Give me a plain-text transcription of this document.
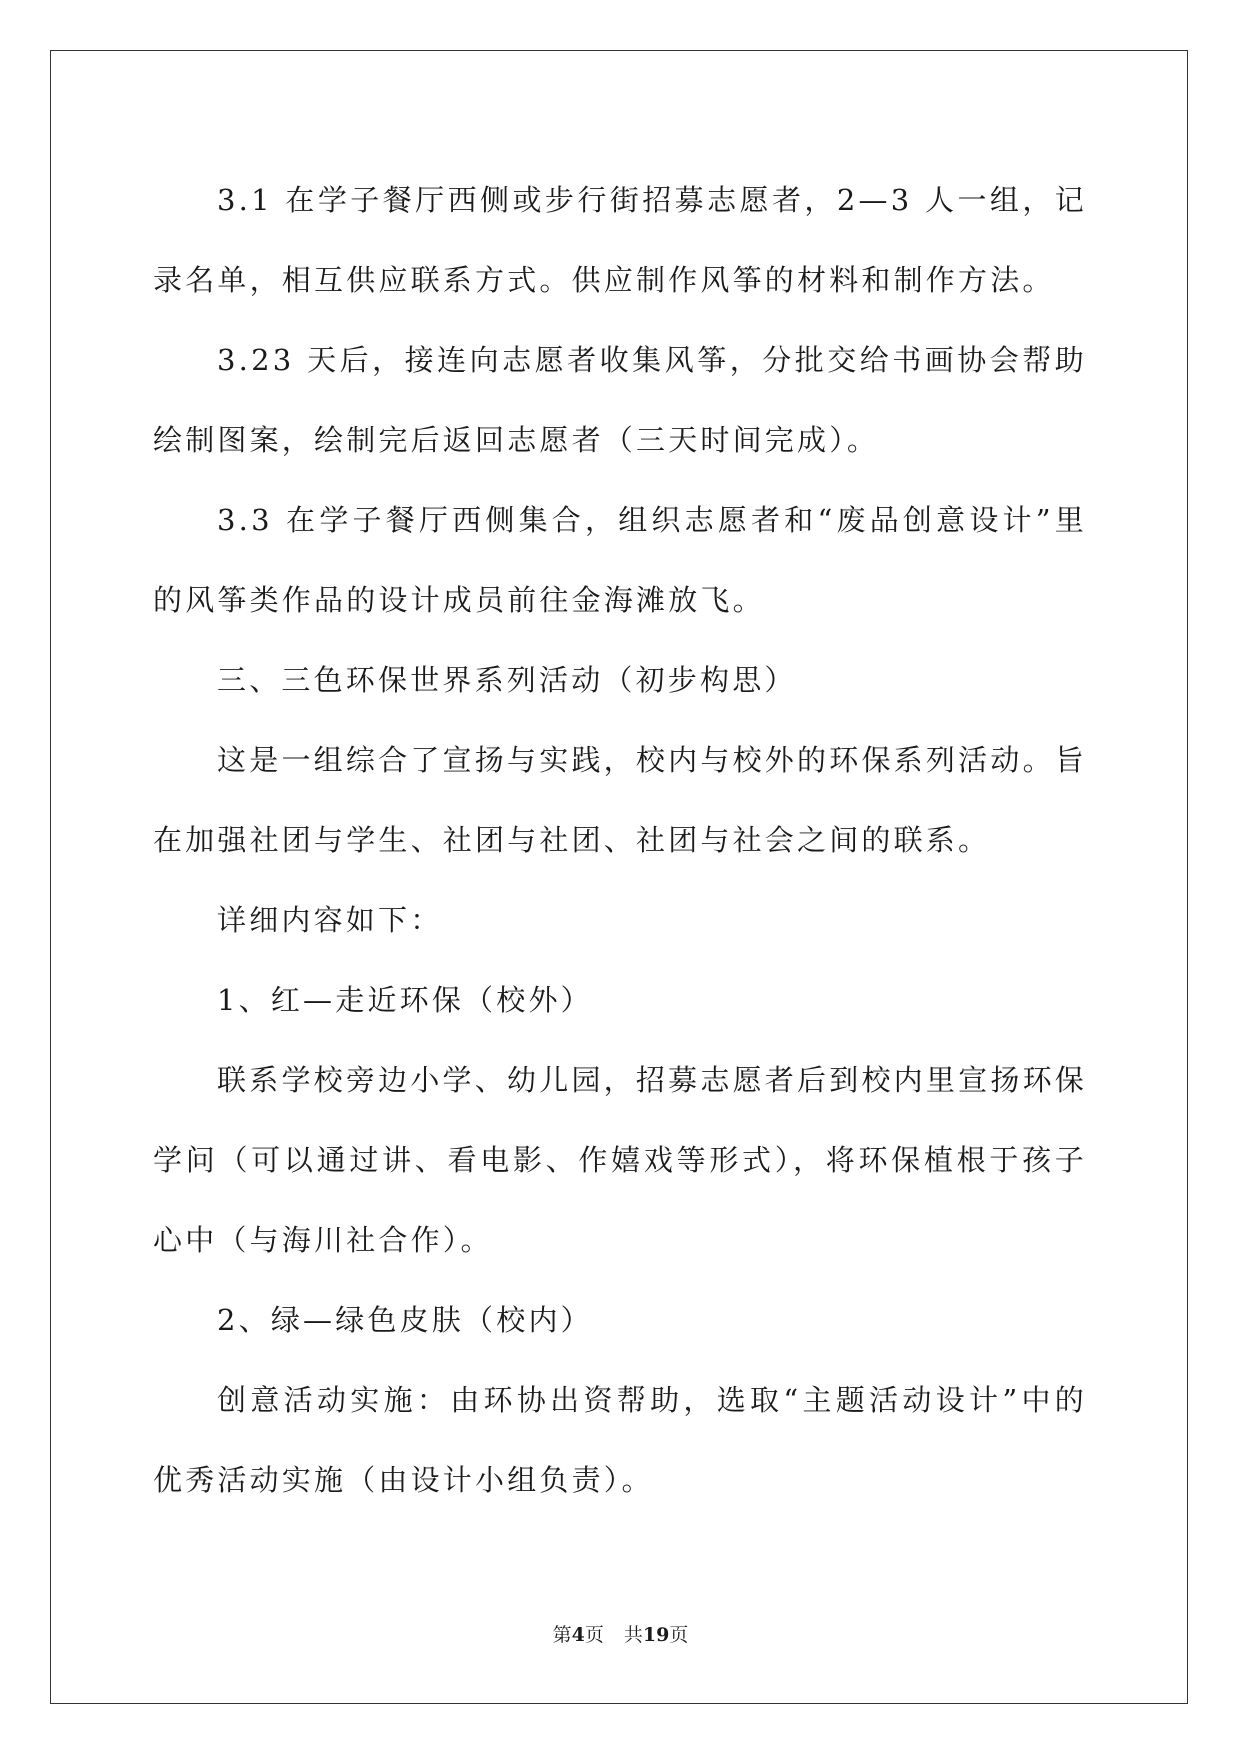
3.1 在学子餐厅西侧或步行街招募志愿者，2—3 人一组，记录名单，相互供应联系方式。供应制作风筝的材料和制作方法。

3.23 天后，接连向志愿者收集风筝，分批交给书画协会帮助绘制图案，绘制完后返回志愿者（三天时间完成）。

3.3 在学子餐厅西侧集合，组织志愿者和“废品创意设计”里的风筝类作品的设计成员前往金海滩放飞。

三、三色环保世界系列活动（初步构思）

这是一组综合了宣扬与实践，校内与校外的环保系列活动。旨在加强社团与学生、社团与社团、社团与社会之间的联系。

详细内容如下：

1、红—走近环保（校外）

联系学校旁边小学、幼儿园，招募志愿者后到校内里宣扬环保学问（可以通过讲、看电影、作嬉戏等形式），将环保植根于孩子心中（与海川社合作）。

2、绿—绿色皮肤（校内）

创意活动实施：由环协出资帮助，选取“主题活动设计”中的优秀活动实施（由设计小组负责）。

第4页 共19页
